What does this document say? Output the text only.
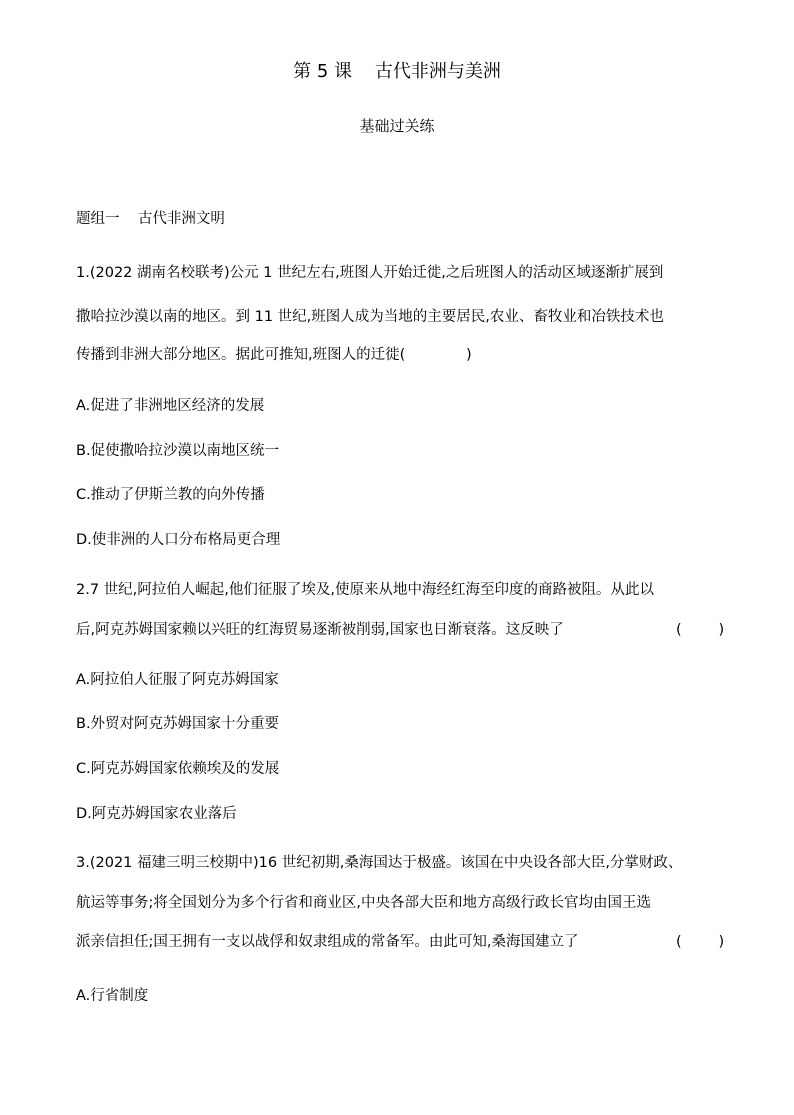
第 5 课    古代非洲与美洲
基础过关练
题组一    古代非洲文明
1.(2022 湖南名校联考)公元 1 世纪左右,班图人开始迁徙,之后班图人的活动区域逐渐扩展到
撒哈拉沙漠以南的地区。到 11 世纪,班图人成为当地的主要居民,农业、畜牧业和冶铁技术也
传播到非洲大部分地区。据此可推知,班图人的迁徙(	)
A.促进了非洲地区经济的发展
B.促使撒哈拉沙漠以南地区统一
C.推动了伊斯兰教的向外传播
D.使非洲的人口分布格局更合理
2.7 世纪,阿拉伯人崛起,他们征服了埃及,使原来从地中海经红海至印度的商路被阻。从此以
后,阿克苏姆国家赖以兴旺的红海贸易逐渐被削弱,国家也日渐衰落。这反映了	(        )
A.阿拉伯人征服了阿克苏姆国家
B.外贸对阿克苏姆国家十分重要
C.阿克苏姆国家依赖埃及的发展
D.阿克苏姆国家农业落后
3.(2021 福建三明三校期中)16 世纪初期,桑海国达于极盛。该国在中央设各部大臣,分掌财政、
航运等事务;将全国划分为多个行省和商业区,中央各部大臣和地方高级行政长官均由国王选
派亲信担任;国王拥有一支以战俘和奴隶组成的常备军。由此可知,桑海国建立了	(        )
A.行省制度
